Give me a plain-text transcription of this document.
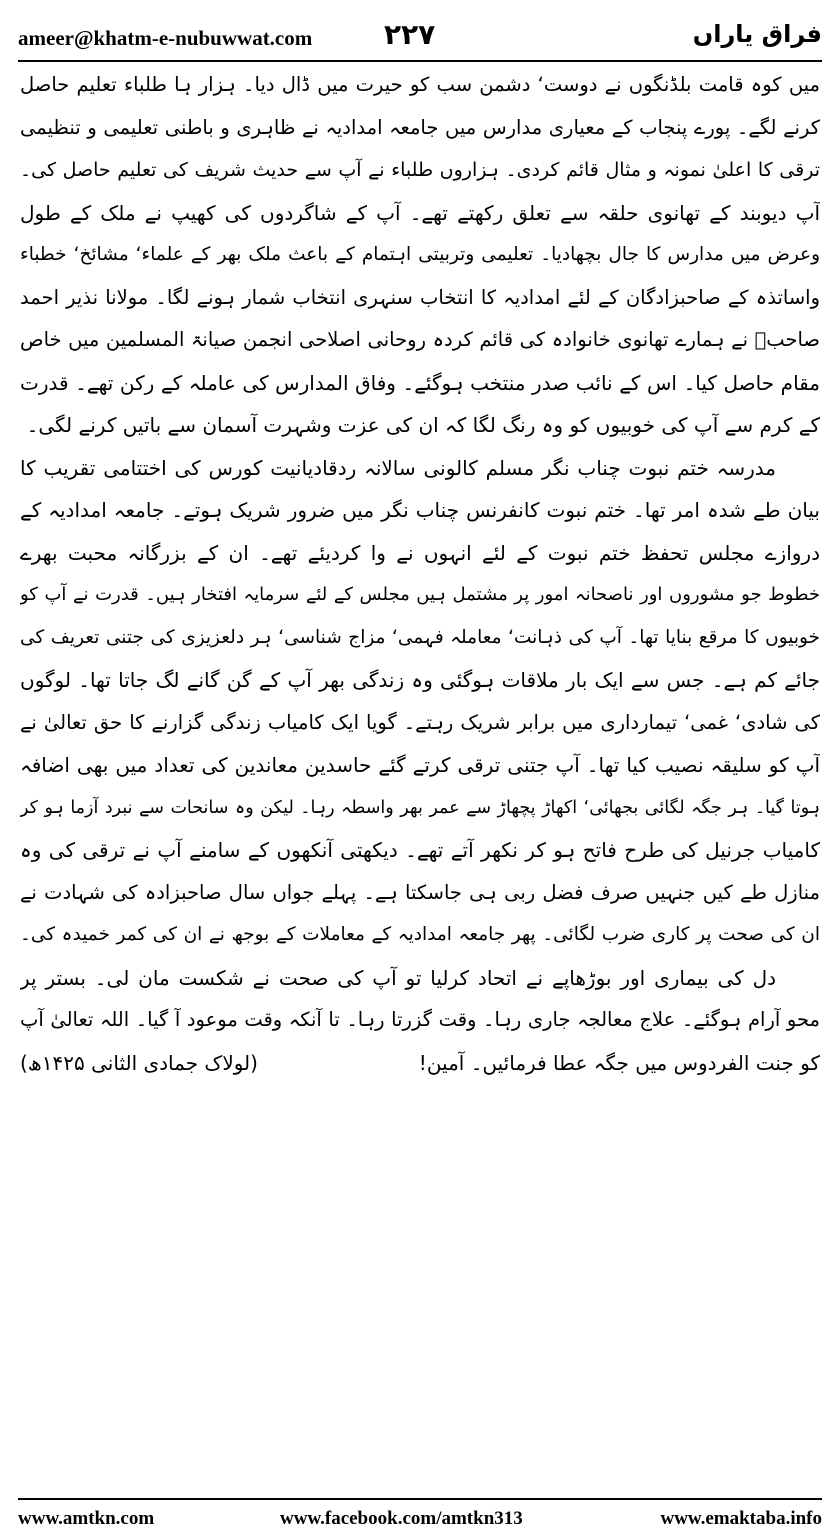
ameer@khatm-e-nubuwwat.com	۲۲۷	فراق یاراں
میں کوہ قامت بلڈنگوں نے دوست‘ دشمن سب کو حیرت میں ڈال دیا۔ ہزار ہا طلباء تعلیم حاصل
کرنے لگے۔ پورے پنجاب کے معیاری مدارس میں جامعہ امدادیہ نے ظاہری و باطنی تعلیمی و تنظیمی
ترقی کا اعلیٰ نمونہ و مثال قائم کردی۔ ہزاروں طلباء نے آپ سے حدیث شریف کی تعلیم حاصل کی۔
آپ دیوبند کے تھانوی حلقہ سے تعلق رکھتے تھے۔ آپ کے شاگردوں کی کھیپ نے ملک کے طول
وعرض میں مدارس کا جال بچھادیا۔ تعلیمی وتربیتی اہتمام کے باعث ملک بھر کے علماء‘ مشائخ‘ خطباء
واساتذہ کے صاحبزادگان کے لئے امدادیہ کا انتخاب سنہری انتخاب شمار ہونے لگا۔ مولانا نذیر احمد
صاحبؒ نے ہمارے تھانوی خانوادہ کی قائم کردہ روحانی اصلاحی انجمن صیانۃ المسلمین میں خاص
مقام حاصل کیا۔ اس کے نائب صدر منتخب ہوگئے۔ وفاق المدارس کی عاملہ کے رکن تھے۔ قدرت
کے کرم سے آپ کی خوبیوں کو وہ رنگ لگا کہ ان کی عزت وشہرت آسمان سے باتیں کرنے لگی۔
مدرسہ ختم نبوت چناب نگر مسلم کالونی سالانہ ردقادیانیت کورس کی اختتامی تقریب کا
بیان طے شدہ امر تھا۔ ختم نبوت کانفرنس چناب نگر میں ضرور شریک ہوتے۔ جامعہ امدادیہ کے
دروازے مجلس تحفظ ختم نبوت کے لئے انہوں نے وا کردیئے تھے۔ ان کے بزرگانہ محبت بھرے
خطوط جو مشوروں اور ناصحانہ امور پر مشتمل ہیں مجلس کے لئے سرمایہ افتخار ہیں۔ قدرت نے آپ کو
خوبیوں کا مرقع بنایا تھا۔ آپ کی ذہانت‘ معاملہ فہمی‘ مزاج شناسی‘ ہر دلعزیزی کی جتنی تعریف کی
جائے کم ہے۔ جس سے ایک بار ملاقات ہوگئی وہ زندگی بھر آپ کے گن گانے لگ جاتا تھا۔ لوگوں
کی شادی‘ غمی‘ تیمارداری میں برابر شریک رہتے۔ گویا ایک کامیاب زندگی گزارنے کا حق تعالیٰ نے
آپ کو سلیقہ نصیب کیا تھا۔ آپ جتنی ترقی کرتے گئے حاسدین معاندین کی تعداد میں بھی اضافہ
ہوتا گیا۔ ہر جگہ لگائی بجھائی‘ اکھاڑ پچھاڑ سے عمر بھر واسطہ رہا۔ لیکن وہ سانحات سے نبرد آزما ہو کر
کامیاب جرنیل کی طرح فاتح ہو کر نکھر آتے تھے۔ دیکھتی آنکھوں کے سامنے آپ نے ترقی کی وہ
منازل طے کیں جنہیں صرف فضل ربی ہی جاسکتا ہے۔ پہلے جواں سال صاحبزادہ کی شہادت نے
ان کی صحت پر کاری ضرب لگائی۔ پھر جامعہ امدادیہ کے معاملات کے بوجھ نے ان کی کمر خمیدہ کی۔
دل کی بیماری اور بوڑھاپے نے اتحاد کرلیا تو آپ کی صحت نے شکست مان لی۔ بستر پر
محو آرام ہوگئے۔ علاج معالجہ جاری رہا۔ وقت گزرتا رہا۔ تا آنکہ وقت موعود آ گیا۔ اللہ تعالیٰ آپ
کو جنت الفردوس میں جگہ عطا فرمائیں۔ آمین!
(لولاک جمادی الثانی ۱۴۲۵ھ)
www.amtkn.com	www.facebook.com/amtkn313	www.emaktaba.info
